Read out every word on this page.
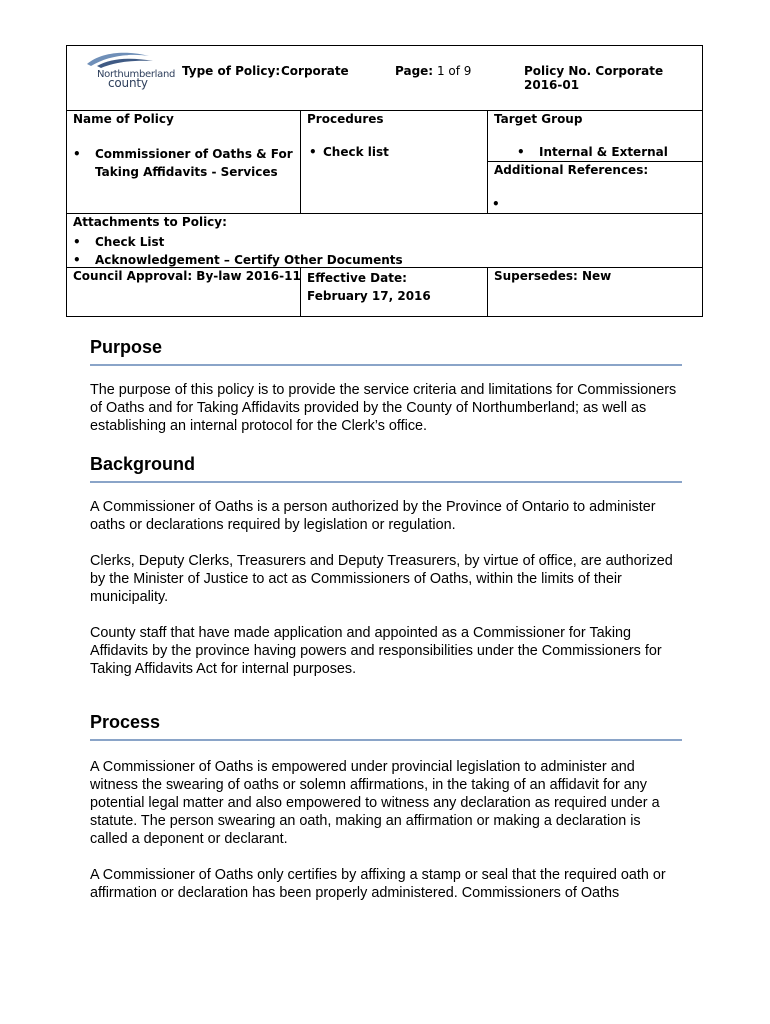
Northumberland
county
Type of Policy: Corporate	Page: 1 of 9	Policy No. Corporate 2016-01
Name of Policy
• Commissioner of Oaths & For
Taking Affidavits - Services
Procedures
• Check list
Target Group
• Internal & External
Additional References:
•
Attachments to Policy:
• Check List
• Acknowledgement – Certify Other Documents
Council Approval: By-law 2016-11 Effective Date:
February 17, 2016
Supersedes: New
Purpose

The purpose of this policy is to provide the service criteria and limitations for Commissioners of Oaths and for Taking Affidavits provided by the County of Northumberland; as well as establishing an internal protocol for the Clerk’s office.

Background

A Commissioner of Oaths is a person authorized by the Province of Ontario to administer oaths or declarations required by legislation or regulation.

Clerks, Deputy Clerks, Treasurers and Deputy Treasurers, by virtue of office, are authorized by the Minister of Justice to act as Commissioners of Oaths, within the limits of their municipality.

County staff that have made application and appointed as a Commissioner for Taking Affidavits by the province having powers and responsibilities under the Commissioners for Taking Affidavits Act for internal purposes.

Process

A Commissioner of Oaths is empowered under provincial legislation to administer and witness the swearing of oaths or solemn affirmations, in the taking of an affidavit for any potential legal matter and also empowered to witness any declaration as required under a statute. The person swearing an oath, making an affirmation or making a declaration is called a deponent or declarant.

A Commissioner of Oaths only certifies by affixing a stamp or seal that the required oath or affirmation or declaration has been properly administered. Commissioners of Oaths
